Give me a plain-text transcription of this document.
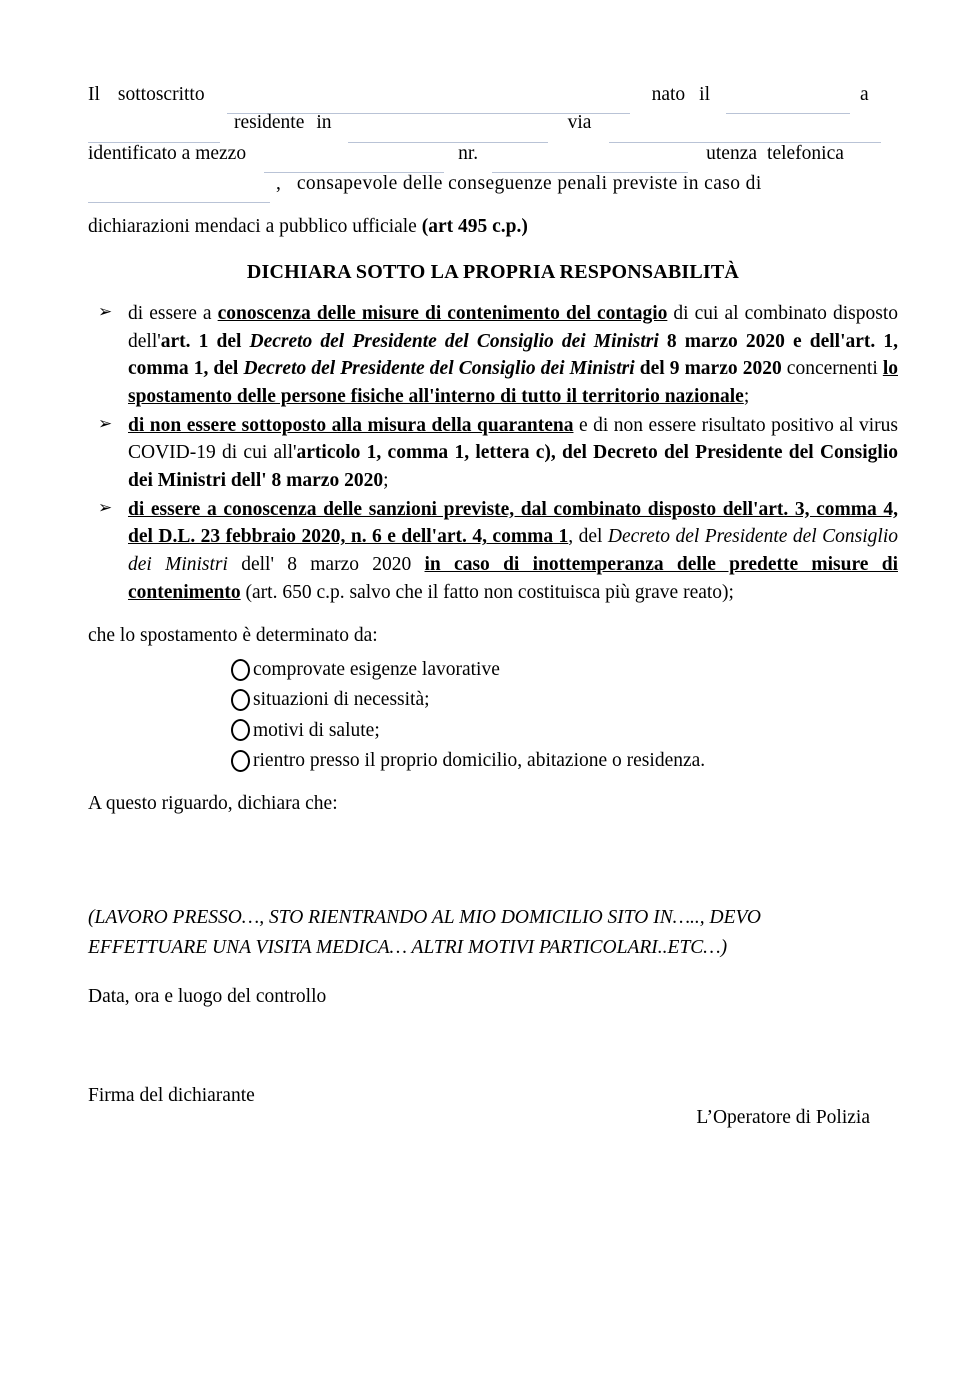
Il sottoscritto	nato il	a
residente in	via
identificato a mezzo	nr.	utenza telefonica
, consapevole delle conseguenze penali previste in caso di

dichiarazioni mendaci a pubblico ufficiale (art 495 c.p.)

DICHIARA SOTTO LA PROPRIA RESPONSABILITÀ
➢ di essere a conoscenza delle misure di contenimento del contagio di cui al combinato disposto dell'art. 1 del Decreto del Presidente del Consiglio dei Ministri 8 marzo 2020 e dell'art. 1, comma 1, del Decreto del Presidente del Consiglio dei Ministri del 9 marzo 2020 concernenti lo spostamento delle persone fisiche all'interno di tutto il territorio nazionale;
➢ di non essere sottoposto alla misura della quarantena e di non essere risultato positivo al virus COVID-19 di cui all'articolo 1, comma 1, lettera c), del Decreto del Presidente del Consiglio dei Ministri dell' 8 marzo 2020;
➢ di essere a conoscenza delle sanzioni previste, dal combinato disposto dell'art. 3, comma 4, del D.L. 23 febbraio 2020, n. 6 e dell'art. 4, comma 1, del Decreto del Presidente del Consiglio dei Ministri dell' 8 marzo 2020 in caso di inottemperanza delle predette misure di contenimento (art. 650 c.p. salvo che il fatto non costituisca più grave reato);

che lo spostamento è determinato da:

comprovate esigenze lavorative
situazioni di necessità;
motivi di salute;
rientro presso il proprio domicilio, abitazione o residenza.

A questo riguardo, dichiara che:

(LAVORO PRESSO…, STO RIENTRANDO AL MIO DOMICILIO SITO IN….., DEVO

EFFETTUARE UNA VISITA MEDICA… ALTRI MOTIVI PARTICOLARI..ETC…)

Data, ora e luogo del controllo

Firma del dichiarante
L’Operatore di Polizia
